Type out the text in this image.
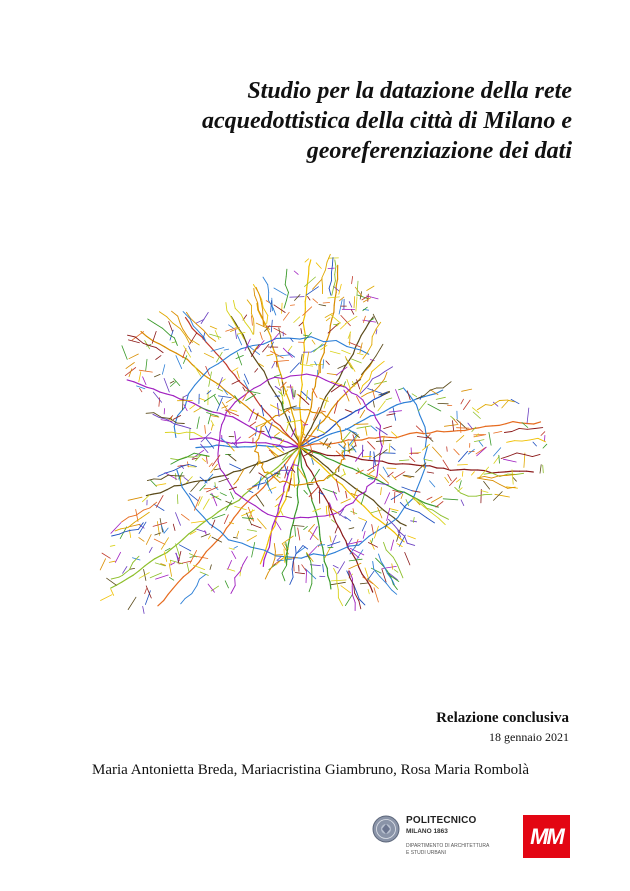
Studio per la datazione della rete
acquedottistica della città di Milano e
georeferenziazione dei dati
Relazione conclusiva
18 gennaio 2021
Maria Antonietta Breda, Mariacristina Giambruno, Rosa Maria Rombolà
POLITECNICO
MILANO 1863
DIPARTIMENTO DI ARCHITETTURA
E STUDI URBANI
MM
